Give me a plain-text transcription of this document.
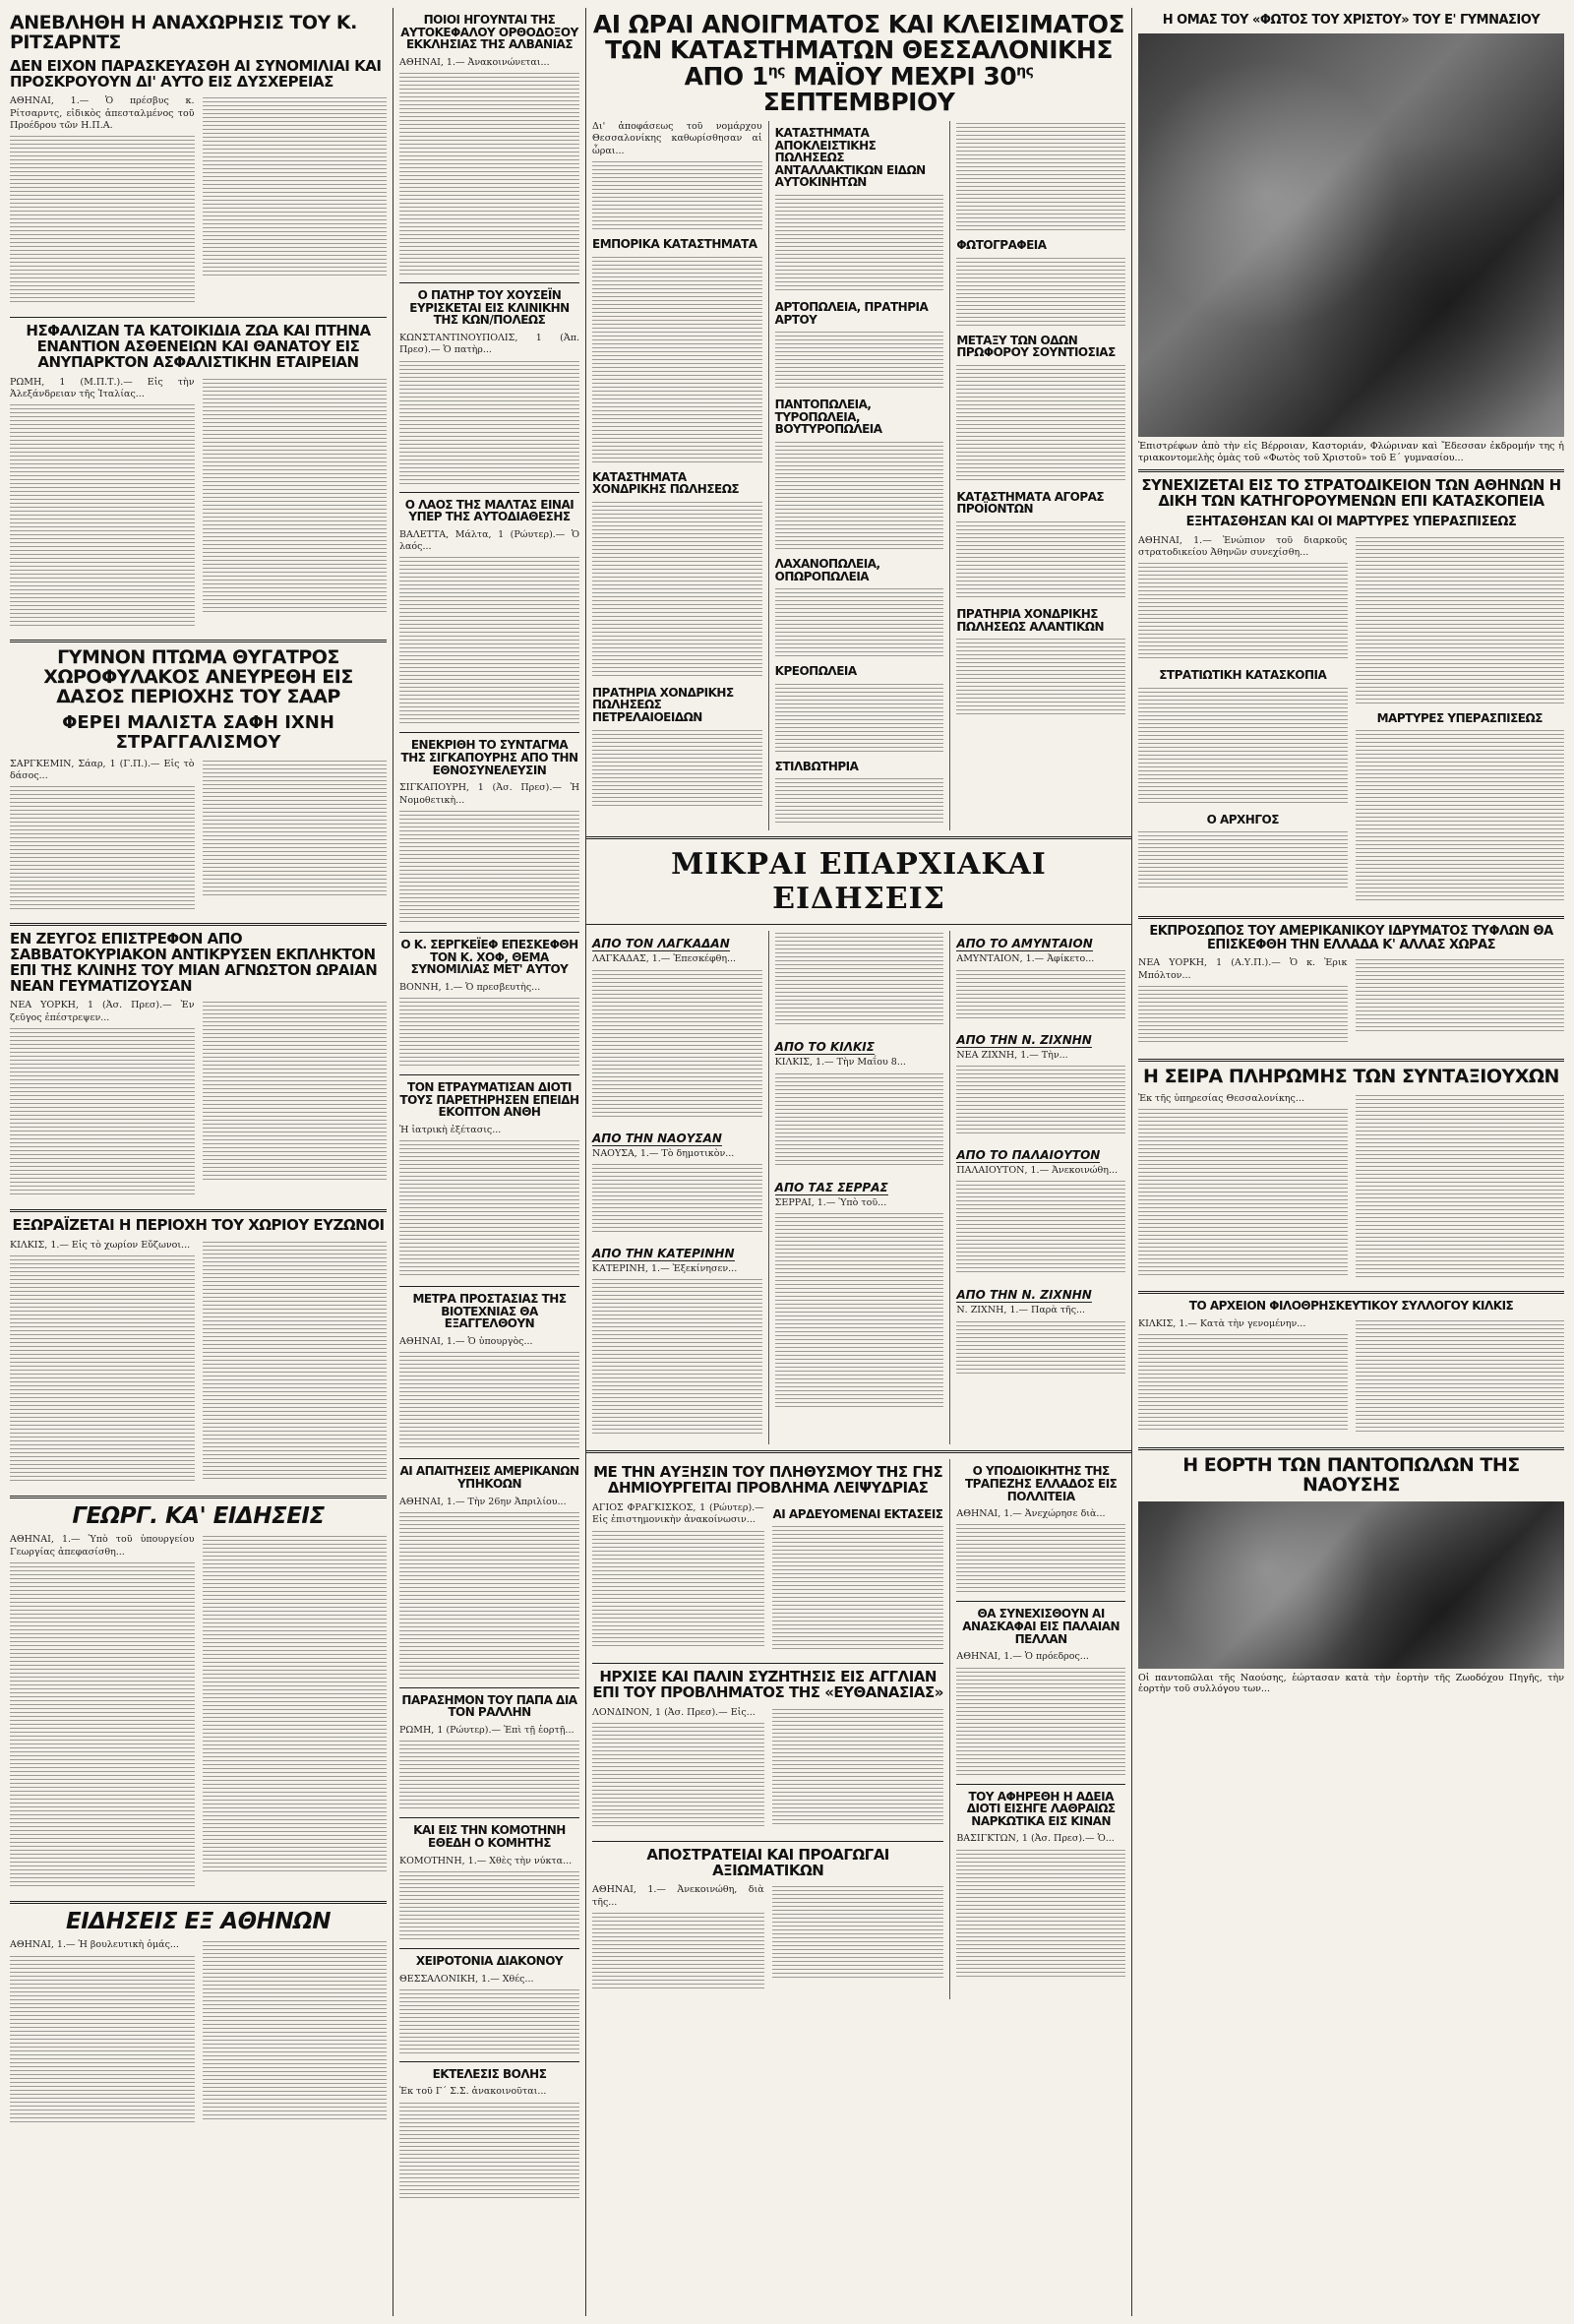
ΑΝΕΒΛΗΘΗ Η ΑΝΑΧΩΡΗΣΙΣ ΤΟΥ Κ. ΡΙΤΣΑΡΝΤΣ
ΔΕΝ ΕΙΧΟΝ ΠΑΡΑΣΚΕΥΑΣΘΗ ΑΙ ΣΥΝΟΜΙΛΙΑΙ ΚΑΙ ΠΡΟΣΚΡΟΥΟΥΝ ΔΙ' ΑΥΤΟ ΕΙΣ ΔΥΣΧΕΡΕΙΑΣ

ΑΘΗΝΑΙ, 1.— Ὁ πρέσβυς κ. Ρίτσαρντς, εἰδικὸς ἀπεσταλμένος τοῦ Προέδρου τῶν Η.Π.Α.

ΗΣΦΑΛΙΖΑΝ ΤΑ ΚΑΤΟΙΚΙΔΙΑ ΖΩΑ ΚΑΙ ΠΤΗΝΑ ΕΝΑΝΤΙΟΝ ΑΣΘΕΝΕΙΩΝ ΚΑΙ ΘΑΝΑΤΟΥ ΕΙΣ ΑΝΥΠΑΡΚΤΟΝ ΑΣΦΑΛΙΣΤΙΚΗΝ ΕΤΑΙΡΕΙΑΝ

ΡΩΜΗ, 1 (Μ.Π.Τ.).— Εἰς τὴν Ἀλεξάνδρειαν τῆς Ἰταλίας...

ΓΥΜΝΟΝ ΠΤΩΜΑ ΘΥΓΑΤΡΟΣ ΧΩΡΟΦΥΛΑΚΟΣ ΑΝΕΥΡΕΘΗ ΕΙΣ ΔΑΣΟΣ ΠΕΡΙΟΧΗΣ ΤΟΥ ΣΑΑΡ
ΦΕΡΕΙ ΜΑΛΙΣΤΑ ΣΑΦΗ ΙΧΝΗ ΣΤΡΑΓΓΑΛΙΣΜΟΥ

ΣΑΡΓΚΕΜΙΝ, Σάαρ, 1 (Γ.Π.).— Εἰς τὸ δάσος...

ΕΝ ΖΕΥΓΟΣ ΕΠΙΣΤΡΕΦΟΝ ΑΠΟ ΣΑΒΒΑΤΟΚΥΡΙΑΚΟΝ ΑΝΤΙΚΡΥΣΕΝ ΕΚΠΛΗΚΤΟΝ ΕΠΙ ΤΗΣ ΚΛΙΝΗΣ ΤΟΥ ΜΙΑΝ ΑΓΝΩΣΤΟΝ ΩΡΑΙΑΝ ΝΕΑΝ ΓΕΥΜΑΤΙΖΟΥΣΑΝ

ΝΕΑ ΥΟΡΚΗ, 1 (Ἀσ. Πρεσ).— Ἐν ζεῦγος ἐπέστρεψεν...

ΕΞΩΡΑΪΖΕΤΑΙ Η ΠΕΡΙΟΧΗ ΤΟΥ ΧΩΡΙΟΥ ΕΥΖΩΝΟΙ

ΚΙΛΚΙΣ, 1.— Εἰς τὸ χωρίον Εὔζωνοι...

ΓΕΩΡΓ. ΚΑ' ΕΙΔΗΣΕΙΣ

ΑΘΗΝΑΙ, 1.— Ὑπὸ τοῦ ὑπουργείου Γεωργίας ἀπεφασίσθη...

ΕΙΔΗΣΕΙΣ ΕΞ ΑΘΗΝΩΝ

ΑΘΗΝΑΙ, 1.— Ἡ βουλευτικὴ ὁμάς...

ΠΟΙΟΙ ΗΓΟΥΝΤΑΙ ΤΗΣ ΑΥΤΟΚΕΦΑΛΟΥ ΟΡΘΟΔΟΞΟΥ ΕΚΚΛΗΣΙΑΣ ΤΗΣ ΑΛΒΑΝΙΑΣ

ΑΘΗΝΑΙ, 1.— Ἀνακοινώνεται...

Ο ΠΑΤΗΡ ΤΟΥ ΧΟΥΣΕΪΝ ΕΥΡΙΣΚΕΤΑΙ ΕΙΣ ΚΛΙΝΙΚΗΝ ΤΗΣ ΚΩΝ/ΠΟΛΕΩΣ

ΚΩΝΣΤΑΝΤΙΝΟΥΠΟΛΙΣ, 1 (Ἀπ. Πρεσ).— Ὁ πατὴρ...

Ο ΛΑΟΣ ΤΗΣ ΜΑΛΤΑΣ ΕΙΝΑΙ ΥΠΕΡ ΤΗΣ ΑΥΤΟΔΙΑΘΕΣΗΣ

ΒΑΛΕΤΤΑ, Μάλτα, 1 (Ρώυτερ).— Ὁ λαός...

ΕΝΕΚΡΙΘΗ ΤΟ ΣΥΝΤΑΓΜΑ ΤΗΣ ΣΙΓΚΑΠΟΥΡΗΣ ΑΠΟ ΤΗΝ ΕΘΝΟΣΥΝΕΛΕΥΣΙΝ

ΣΙΓΚΑΠΟΥΡΗ, 1 (Ἀσ. Πρεσ).— Ἡ Νομοθετικὴ...

Ο Κ. ΣΕΡΓΚΕΪΕΦ ΕΠΕΣΚΕΦΘΗ ΤΟΝ Κ. ΧΟΦ, ΘΕΜΑ ΣΥΝΟΜΙΛΙΑΣ ΜΕΤ' ΑΥΤΟΥ

ΒΟΝΝΗ, 1.— Ὁ πρεσβευτὴς...

ΤΟΝ ΕΤΡΑΥΜΑΤΙΣΑΝ ΔΙΟΤΙ ΤΟΥΣ ΠΑΡΕΤΗΡΗΣΕΝ ΕΠΕΙΔΗ ΕΚΟΠΤΟΝ ΑΝΘΗ

Ἡ ἰατρικὴ ἐξέτασις...

ΜΕΤΡΑ ΠΡΟΣΤΑΣΙΑΣ ΤΗΣ ΒΙΟΤΕΧΝΙΑΣ ΘΑ ΕΞΑΓΓΕΛΘΟΥΝ

ΑΘΗΝΑΙ, 1.— Ὁ ὑπουργὸς...

ΑΙ ΑΠΑΙΤΗΣΕΙΣ ΑΜΕΡΙΚΑΝΩΝ ΥΠΗΚΟΩΝ

ΑΘΗΝΑΙ, 1.— Τὴν 26ην Ἀπριλίου...

ΠΑΡΑΣΗΜΟΝ ΤΟΥ ΠΑΠΑ ΔΙΑ ΤΟΝ ΡΑΛΛΗΝ

ΡΩΜΗ, 1 (Ρώυτερ).— Ἐπὶ τῇ ἑορτῇ...

ΚΑΙ ΕΙΣ ΤΗΝ ΚΟΜΟΤΗΝΗ ΕΘΕΔΗ Ο ΚΟΜΗΤΗΣ

ΚΟΜΟΤΗΝΗ, 1.— Χθὲς τὴν νύκτα...

ΧΕΙΡΟΤΟΝΙΑ ΔΙΑΚΟΝΟΥ

ΘΕΣΣΑΛΟΝΙΚΗ, 1.— Χθές...

ΕΚΤΕΛΕΣΙΣ ΒΟΛΗΣ

Ἐκ τοῦ Γ΄ Σ.Σ. ἀνακοινοῦται...

ΑΙ ΩΡΑΙ ΑΝΟΙΓΜΑΤΟΣ ΚΑΙ ΚΛΕΙΣΙΜΑΤΟΣ
ΤΩΝ ΚΑΤΑΣΤΗΜΑΤΩΝ ΘΕΣΣΑΛΟΝΙΚΗΣ
ΑΠΟ $1^{\eta\varsigma}$ ΜΑΪΟΥ ΜΕΧΡΙ $30^{\eta\varsigma}$ ΣΕΠΤΕΜΒΡΙΟΥ

Δι' ἀποφάσεως τοῦ νομάρχου Θεσσαλονίκης καθωρίσθησαν αἱ ὧραι...

ΕΜΠΟΡΙΚΑ ΚΑΤΑΣΤΗΜΑΤΑ
ΚΑΤΑΣΤΗΜΑΤΑ ΧΟΝΔΡΙΚΗΣ ΠΩΛΗΣΕΩΣ
ΠΡΑΤΗΡΙΑ ΧΟΝΔΡΙΚΗΣ ΠΩΛΗΣΕΩΣ ΠΕΤΡΕΛΑΙΟΕΙΔΩΝ
ΚΑΤΑΣΤΗΜΑΤΑ ΑΠΟΚΛΕΙΣΤΙΚΗΣ ΠΩΛΗΣΕΩΣ ΑΝΤΑΛΛΑΚΤΙΚΩΝ ΕΙΔΩΝ ΑΥΤΟΚΙΝΗΤΩΝ
ΑΡΤΟΠΩΛΕΙΑ, ΠΡΑΤΗΡΙΑ ΑΡΤΟΥ
ΠΑΝΤΟΠΩΛΕΙΑ, ΤΥΡΟΠΩΛΕΙΑ, ΒΟΥΤΥΡΟΠΩΛΕΙΑ
ΛΑΧΑΝΟΠΩΛΕΙΑ, ΟΠΩΡΟΠΩΛΕΙΑ
ΚΡΕΟΠΩΛΕΙΑ
ΣΤΙΛΒΩΤΗΡΙΑ
ΦΩΤΟΓΡΑΦΕΙΑ
ΜΕΤΑΞΥ ΤΩΝ ΟΔΩΝ ΠΡΩΦΟΡΟΥ ΣΟΥΝΤΙΟΣΙΑΣ
ΚΑΤΑΣΤΗΜΑΤΑ ΑΓΟΡΑΣ ΠΡΟΪΟΝΤΩΝ
ΠΡΑΤΗΡΙΑ ΧΟΝΔΡΙΚΗΣ ΠΩΛΗΣΕΩΣ ΑΛΑΝΤΙΚΩΝ
ΜΙΚΡΑΙ ΕΠΑΡΧΙΑΚΑΙ ΕΙΔΗΣΕΙΣ
ΑΠΟ ΤΟΝ ΛΑΓΚΑΔΑΝ

ΛΑΓΚΑΔΑΣ, 1.— Ἐπεσκέφθη...

ΑΠΟ ΤΗΝ ΝΑΟΥΣΑΝ

ΝΑΟΥΣΑ, 1.— Τὸ δημοτικὸν...

ΑΠΟ ΤΗΝ ΚΑΤΕΡΙΝΗΝ

ΚΑΤΕΡΙΝΗ, 1.— Ἐξεκίνησεν...

ΑΠΟ ΤΟ ΚΙΛΚΙΣ

ΚΙΛΚΙΣ, 1.— Τὴν Μαΐου 8...

ΑΠΟ ΤΑΣ ΣΕΡΡΑΣ

ΣΕΡΡΑΙ, 1.— Ὑπὸ τοῦ...

ΑΠΟ ΤΟ ΑΜΥΝΤΑΙΟΝ

ΑΜΥΝΤΑΙΟΝ, 1.— Ἀφίκετο...

ΑΠΟ ΤΗΝ Ν. ΖΙΧΝΗΝ

ΝΕΑ ΖΙΧΝΗ, 1.— Τὴν...

ΑΠΟ ΤΟ ΠΑΛΑΙΟΥΤΟΝ

ΠΑΛΑΙΟΥΤΟΝ, 1.— Ἀνεκοινώθη...

ΑΠΟ ΤΗΝ Ν. ΖΙΧΝΗΝ

Ν. ΖΙΧΝΗ, 1.— Παρὰ τῆς...

ΜΕ ΤΗΝ ΑΥΞΗΣΙΝ ΤΟΥ ΠΛΗΘΥΣΜΟΥ ΤΗΣ ΓΗΣ ΔΗΜΙΟΥΡΓΕΙΤΑΙ ΠΡΟΒΛΗΜΑ ΛΕΙΨΥΔΡΙΑΣ

ΑΓΙΟΣ ΦΡΑΓΚΙΣΚΟΣ, 1 (Ρώυτερ).— Εἰς ἐπιστημονικὴν ἀνακοίνωσιν...	ΑΙ ΑΡΔΕΥΟΜΕΝΑΙ ΕΚΤΑΣΕΙΣ
ΗΡΧΙΣΕ ΚΑΙ ΠΑΛΙΝ ΣΥΖΗΤΗΣΙΣ ΕΙΣ ΑΓΓΛΙΑΝ ΕΠΙ ΤΟΥ ΠΡΟΒΛΗΜΑΤΟΣ ΤΗΣ «ΕΥΘΑΝΑΣΙΑΣ»

ΛΟΝΔΙΝΟΝ, 1 (Ἀσ. Πρεσ).— Εἰς...

ΑΠΟΣΤΡΑΤΕΙΑΙ ΚΑΙ ΠΡΟΑΓΩΓΑΙ ΑΞΙΩΜΑΤΙΚΩΝ

ΑΘΗΝΑΙ, 1.— Ἀνεκοινώθη, διὰ τῆς...

Ο ΥΠΟΔΙΟΙΚΗΤΗΣ ΤΗΣ ΤΡΑΠΕΖΗΣ ΕΛΛΑΔΟΣ ΕΙΣ ΠΟΛΛΙΤΕΙΑ

ΑΘΗΝΑΙ, 1.— Ἀνεχώρησε διὰ...

ΘΑ ΣΥΝΕΧΙΣΘΟΥΝ ΑΙ ΑΝΑΣΚΑΦΑΙ ΕΙΣ ΠΑΛΑΙΑΝ ΠΕΛΛΑΝ

ΑΘΗΝΑΙ, 1.— Ὁ πρόεδρος...

ΤΟΥ ΑΦΗΡΕΘΗ Η ΑΔΕΙΑ ΔΙΟΤΙ ΕΙΣΗΓΕ ΛΑΘΡΑΙΩΣ ΝΑΡΚΩΤΙΚΑ ΕΙΣ ΚΙΝΑΝ

ΒΑΣΙΓΚΤΩΝ, 1 (Ἀσ. Πρεσ).— Ὁ...

Η ΟΜΑΣ ΤΟΥ «ΦΩΤΟΣ ΤΟΥ ΧΡΙΣΤΟΥ» ΤΟΥ Ε' ΓΥΜΝΑΣΙΟΥ

Ἐπιστρέφων ἀπὸ τὴν εἰς Βέρροιαν, Καστοριάν, Φλώριναν καὶ Ἔδεσσαν ἐκδρομήν της ἡ τριακοντομελὴς ὁμὰς τοῦ «Φωτὸς τοῦ Χριστοῦ» τοῦ Ε΄ γυμνασίου...

ΣΥΝΕΧΙΖΕΤΑΙ ΕΙΣ ΤΟ ΣΤΡΑΤΟΔΙΚΕΙΟΝ ΤΩΝ ΑΘΗΝΩΝ Η ΔΙΚΗ ΤΩΝ ΚΑΤΗΓΟΡΟΥΜΕΝΩΝ ΕΠΙ ΚΑΤΑΣΚΟΠΕΙΑ
ΕΞΗΤΑΣΘΗΣΑΝ ΚΑΙ ΟΙ ΜΑΡΤΥΡΕΣ ΥΠΕΡΑΣΠΙΣΕΩΣ

ΑΘΗΝΑΙ, 1.— Ἐνώπιον τοῦ διαρκοῦς στρατοδικείου Ἀθηνῶν συνεχίσθη...

ΣΤΡΑΤΙΩΤΙΚΗ ΚΑΤΑΣΚΟΠΙΑ
Ο ΑΡΧΗΓΟΣ
ΜΑΡΤΥΡΕΣ ΥΠΕΡΑΣΠΙΣΕΩΣ
ΕΚΠΡΟΣΩΠΟΣ ΤΟΥ ΑΜΕΡΙΚΑΝΙΚΟΥ ΙΔΡΥΜΑΤΟΣ ΤΥΦΛΩΝ ΘΑ ΕΠΙΣΚΕΦΘΗ ΤΗΝ ΕΛΛΑΔΑ Κ' ΑΛΛΑΣ ΧΩΡΑΣ

ΝΕΑ ΥΟΡΚΗ, 1 (Α.Υ.Π.).— Ὁ κ. Ἐρικ Μπόλτον...

Η ΣΕΙΡΑ ΠΛΗΡΩΜΗΣ ΤΩΝ ΣΥΝΤΑΞΙΟΥΧΩΝ

Ἐκ τῆς ὑπηρεσίας Θεσσαλονίκης...

ΤΟ ΑΡΧΕΙΟΝ ΦΙΛΟΘΡΗΣΚΕΥΤΙΚΟΥ ΣΥΛΛΟΓΟΥ ΚΙΛΚΙΣ

ΚΙΛΚΙΣ, 1.— Κατὰ τὴν γενομένην...

Η ΕΟΡΤΗ ΤΩΝ ΠΑΝΤΟΠΩΛΩΝ ΤΗΣ ΝΑΟΥΣΗΣ

Οἱ παντοπῶλαι τῆς Ναούσης, ἑώρτασαν κατὰ τὴν ἑορτὴν τῆς Ζωοδόχου Πηγῆς, τὴν ἑορτὴν τοῦ συλλόγου των...
